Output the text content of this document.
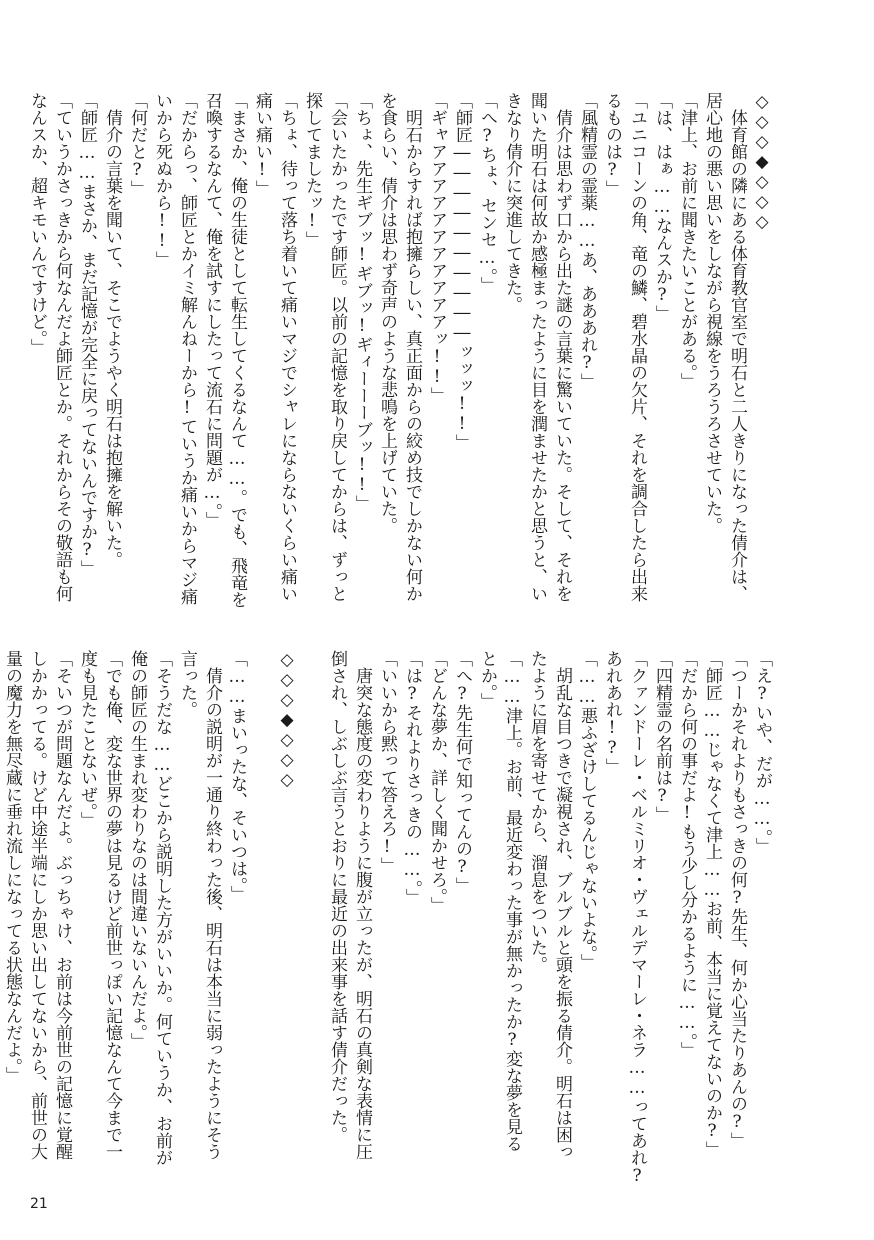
◇◇◇◆◇◇◇
　体育館の隣にある体育教官室で明石と二人きりになった倩介は、
居心地の悪い思いをしながら視線をうろうろさせていた。
「津上、お前に聞きたいことがある。」
「は、はぁ……なんスか?」
「ユニコーンの角、竜の鱗、碧水晶の欠片、それを調合したら出来
るものは?」
「風精霊の霊薬……あ、あああれ?」
　倩介は思わず口から出た謎の言葉に驚いていた。そして、それを
聞いた明石は何故か感極まったように目を潤ませたかと思うと、い
きなり倩介に突進してきた。
「へ?ちょ、センセ…。」
「師匠――――――――――ッッッ!!」
「ギャアアアアアアアアアアアッ!!」
　明石からすれば抱擁らしい、真正面からの絞め技でしかない何か
を食らい、倩介は思わず奇声のような悲鳴を上げていた。
「ちょ、先生ギブッ!ギブッ!ギィーーーブッ!!」
「会いたかったです師匠。以前の記憶を取り戻してからは、ずっと
探してましたッ!」
「ちょ、待って落ち着いて痛いマジでシャレにならないくらい痛い
痛い痛い!」
「まさか、俺の生徒として転生してくるなんて……。でも、飛竜を
召喚するなんて、俺を試すにしたって流石に問題が…。」
「だからっ、師匠とかイミ解んねーから!ていうか痛いからマジ痛
いから死ぬから!!」
「何だと?」
　倩介の言葉を聞いて、そこでようやく明石は抱擁を解いた。
「師匠……まさか、まだ記憶が完全に戻ってないんですか?」
「ていうかさっきから何なんだよ師匠とか。それからその敬語も何
なんスか、超キモいんですけど。」
「え?いや、だが……。」
「つーかそれよりもさっきの何?先生、何か心当たりあんの?」
「師匠……じゃなくて津上……お前、本当に覚えてないのか?」
「だから何の事だよ!もう少し分かるように……。」
「四精霊の名前は?」
「クァンドーレ・ベルミリオ・ヴェルデマーレ・ネラ……ってあれ?
あれあれ!?」
「……悪ふざけしてるんじゃないよな。」
　胡乱な目つきで凝視され、ブルブルと頭を振る倩介。明石は困っ
たように眉を寄せてから、溜息をついた。
「……津上。お前、最近変わった事が無かったか?変な夢を見る
とか。」
「へ?先生何で知ってんの?」
「どんな夢か、詳しく聞かせろ。」
「は?それよりさっきの……。」
「いいから黙って答えろ!」
　唐突な態度の変わりように腹が立ったが、明石の真剣な表情に圧
倒され、しぶしぶ言うとおりに最近の出来事を話す倩介だった。

◇◇◇◆◇◇◇

「……まいったな、そいつは。」
　倩介の説明が一通り終わった後、明石は本当に弱ったようにそう
言った。
「そうだな……どこから説明した方がいいか。何ていうか、お前が
俺の師匠の生まれ変わりなのは間違いないんだよ。」
「でも俺、変な世界の夢は見るけど前世っぽい記憶なんて今まで一
度も見たことないぜ。」
「そいつが問題なんだよ。ぶっちゃけ、お前は今前世の記憶に覚醒
しかかってる。けど中途半端にしか思い出してないから、前世の大
量の魔力を無尽蔵に垂れ流しになってる状態なんだよ。」
21
